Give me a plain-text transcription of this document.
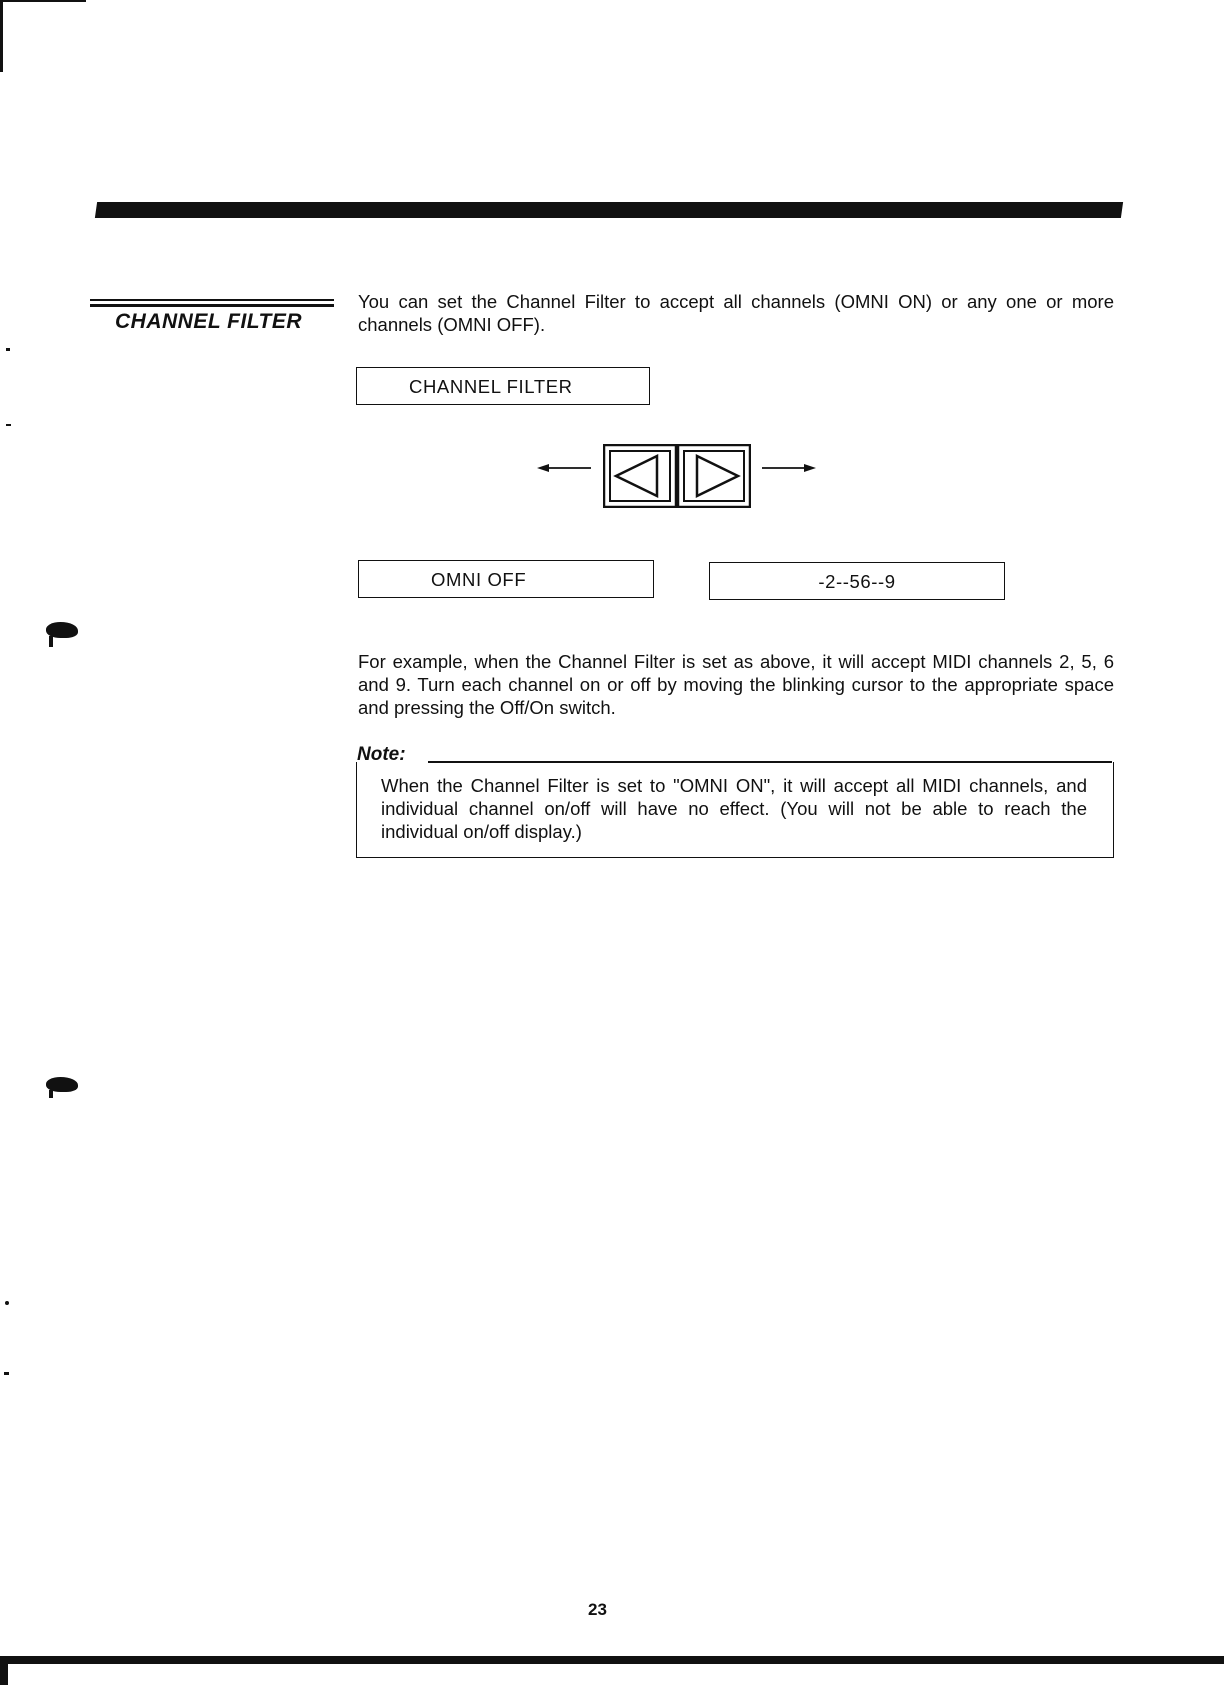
CHANNEL FILTER

You can set the Channel Filter to accept all channels (OMNI ON) or any one or more channels (OMNI OFF).

CHANNEL FILTER
OMNI OFF	-2--56--9

For example, when the Channel Filter is set as above, it will accept MIDI channels 2, 5, 6 and 9. Turn each channel on or off by moving the blinking cursor to the appropriate space and pressing the Off/On switch.

Note:

When the Channel Filter is set to "OMNI ON", it will accept all MIDI channels, and individual channel on/off will have no effect. (You will not be able to reach the individual on/off display.)

23
